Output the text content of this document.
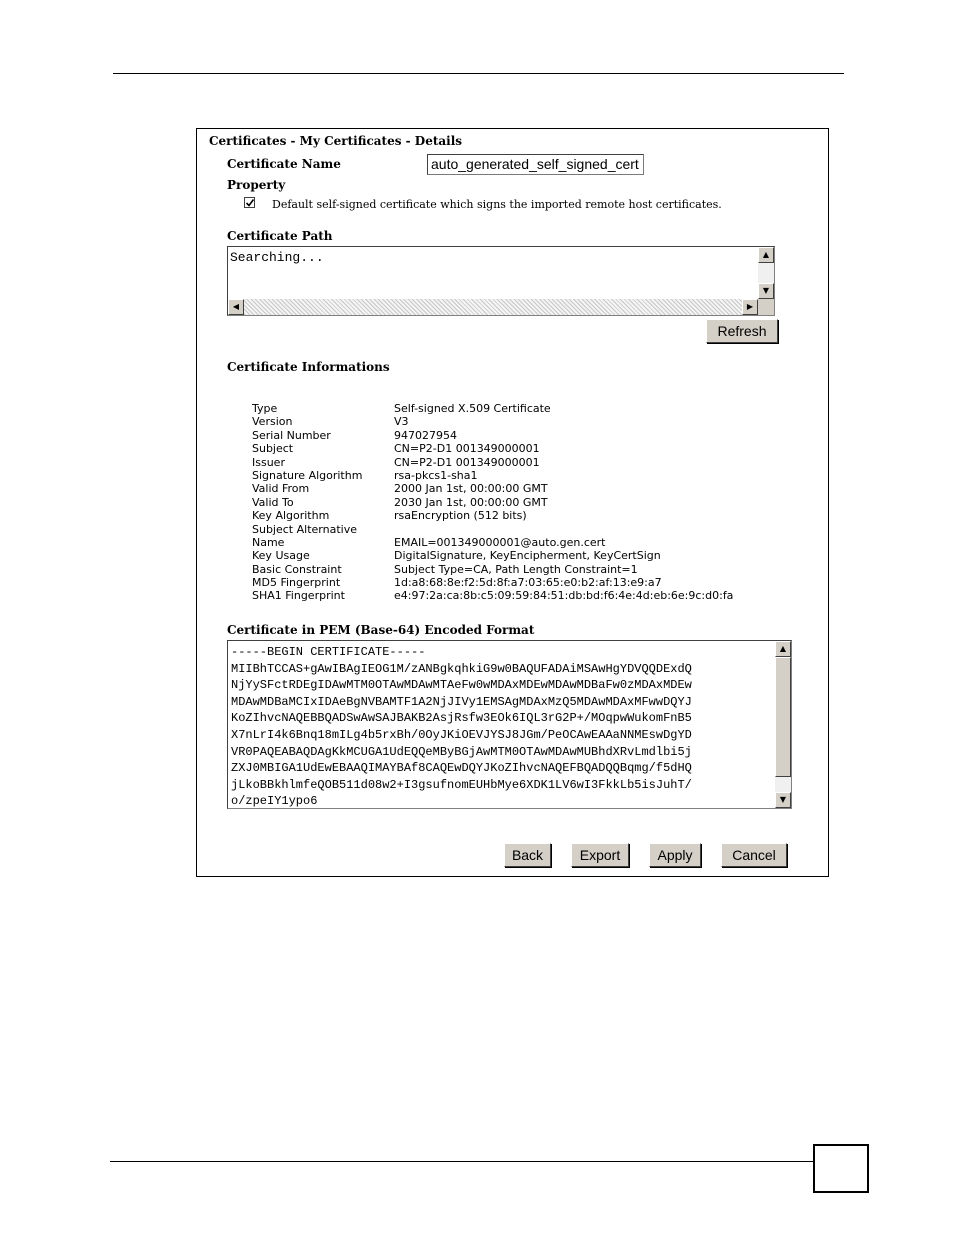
Certificates - My Certificates - Details
Certificate Name	auto_generated_self_signed_cert
Property
Default self-signed certificate which signs the imported remote host certificates.
Certificate Path
Searching...	▲
▼
◀	▶
Refresh
Certificate Informations
Type	Self-signed X.509 Certificate
Version	V3
Serial Number	947027954
Subject	CN=P2-D1 001349000001
Issuer	CN=P2-D1 001349000001
Signature Algorithm	rsa-pkcs1-sha1
Valid From	2000 Jan 1st, 00:00:00 GMT
Valid To	2030 Jan 1st, 00:00:00 GMT
Key Algorithm	rsaEncryption (512 bits)
Subject Alternative Name	EMAIL=001349000001@auto.gen.cert
Key Usage	DigitalSignature, KeyEncipherment, KeyCertSign
Basic Constraint	Subject Type=CA, Path Length Constraint=1
MD5 Fingerprint	1d:a8:68:8e:f2:5d:8f:a7:03:65:e0:b2:af:13:e9:a7
SHA1 Fingerprint	e4:97:2a:ca:8b:c5:09:59:84:51:db:bd:f6:4e:4d:eb:6e:9c:d0:fa
Certificate in PEM (Base-64) Encoded Format
-----BEGIN CERTIFICATE-----
MIIBhTCCAS+gAwIBAgIEOG1M/zANBgkqhkiG9w0BAQUFADAiMSAwHgYDVQQDExdQ
NjYySFctRDEgIDAwMTM0OTAwMDAwMTAeFw0wMDAxMDEwMDAwMDBaFw0zMDAxMDEw
MDAwMDBaMCIxIDAeBgNVBAMTF1A2NjJIVy1EMSAgMDAxMzQ5MDAwMDAxMFwwDQYJ
KoZIhvcNAQEBBQADSwAwSAJBAKB2AsjRsfw3EOk6IQL3rG2P+/MOqpwWukomFnB5
X7nLrI4k6Bnq18mILg4b5rxBh/0OyJKiOEVJYSJ8JGm/PeOCAwEAAaNNMEswDgYD
VR0PAQEABAQDAgKkMCUGA1UdEQQeMByBGjAwMTM0OTAwMDAwMUBhdXRvLmdlbi5j
ZXJ0MBIGA1UdEwEBAAQIMAYBAf8CAQEwDQYJKoZIhvcNAQEFBQADQQBqmg/f5dHQ
jLkoBBkhlmfeQOB511d08w2+I3gsufnomEUHbMye6XDK1LV6wI3FkkLb5isJuhT/
o/zpeIY1ypo6
▲
▼
Back	Export	Apply	Cancel
